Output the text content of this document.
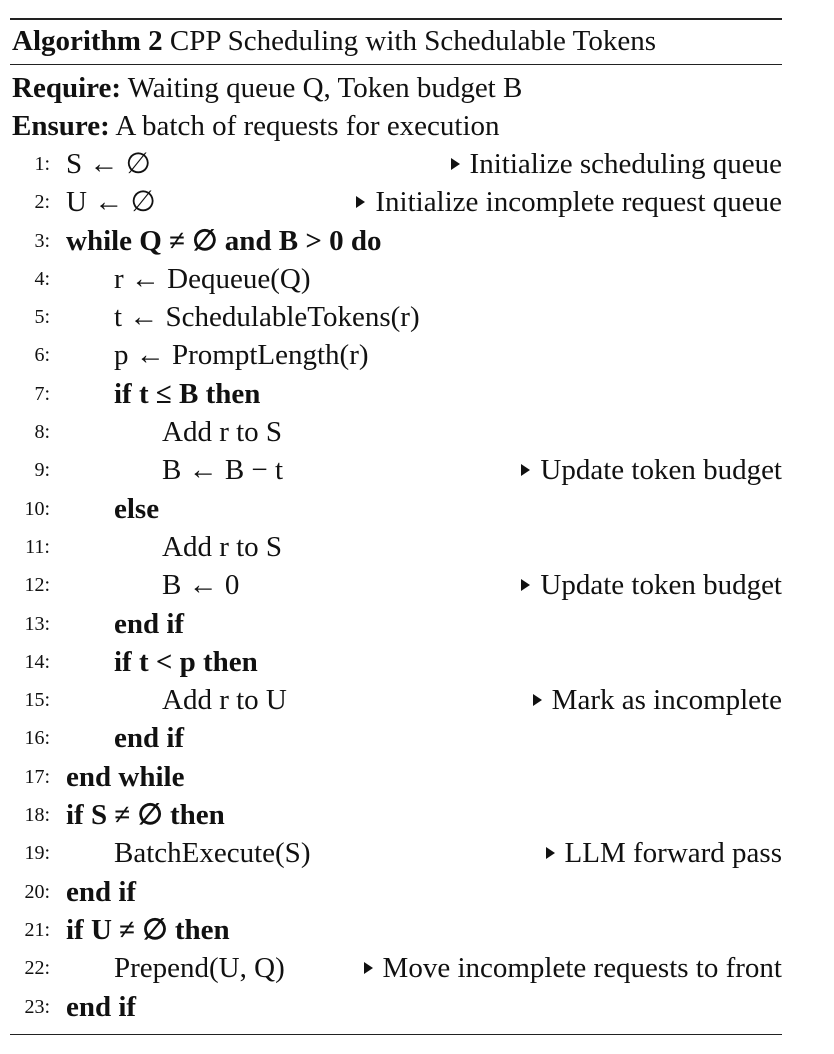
Algorithm 2 CPP Scheduling with Schedulable Tokens
Require: Waiting queue Q, Token budget B
Ensure: A batch of requests for execution
1: S ← ∅	Initialize scheduling queue
2: U ← ∅	Initialize incomplete request queue
3: while Q ≠ ∅ and B > 0 do
4: r ← Dequeue(Q)
5: t ← SchedulableTokens(r)
6: p ← PromptLength(r)
7: if t ≤ B then
8:	Add r to S
9:	B ← B − t	Update token budget
10: else
11:	Add r to S
12:	B ← 0	Update token budget
13: end if
14: if t < p then
15:	Add r to U	Mark as incomplete
16: end if
17: end while
18: if S ≠ ∅ then
19: BatchExecute(S)	LLM forward pass
20: end if
21: if U ≠ ∅ then
22: Prepend(U, Q)	Move incomplete requests to front
23: end if
